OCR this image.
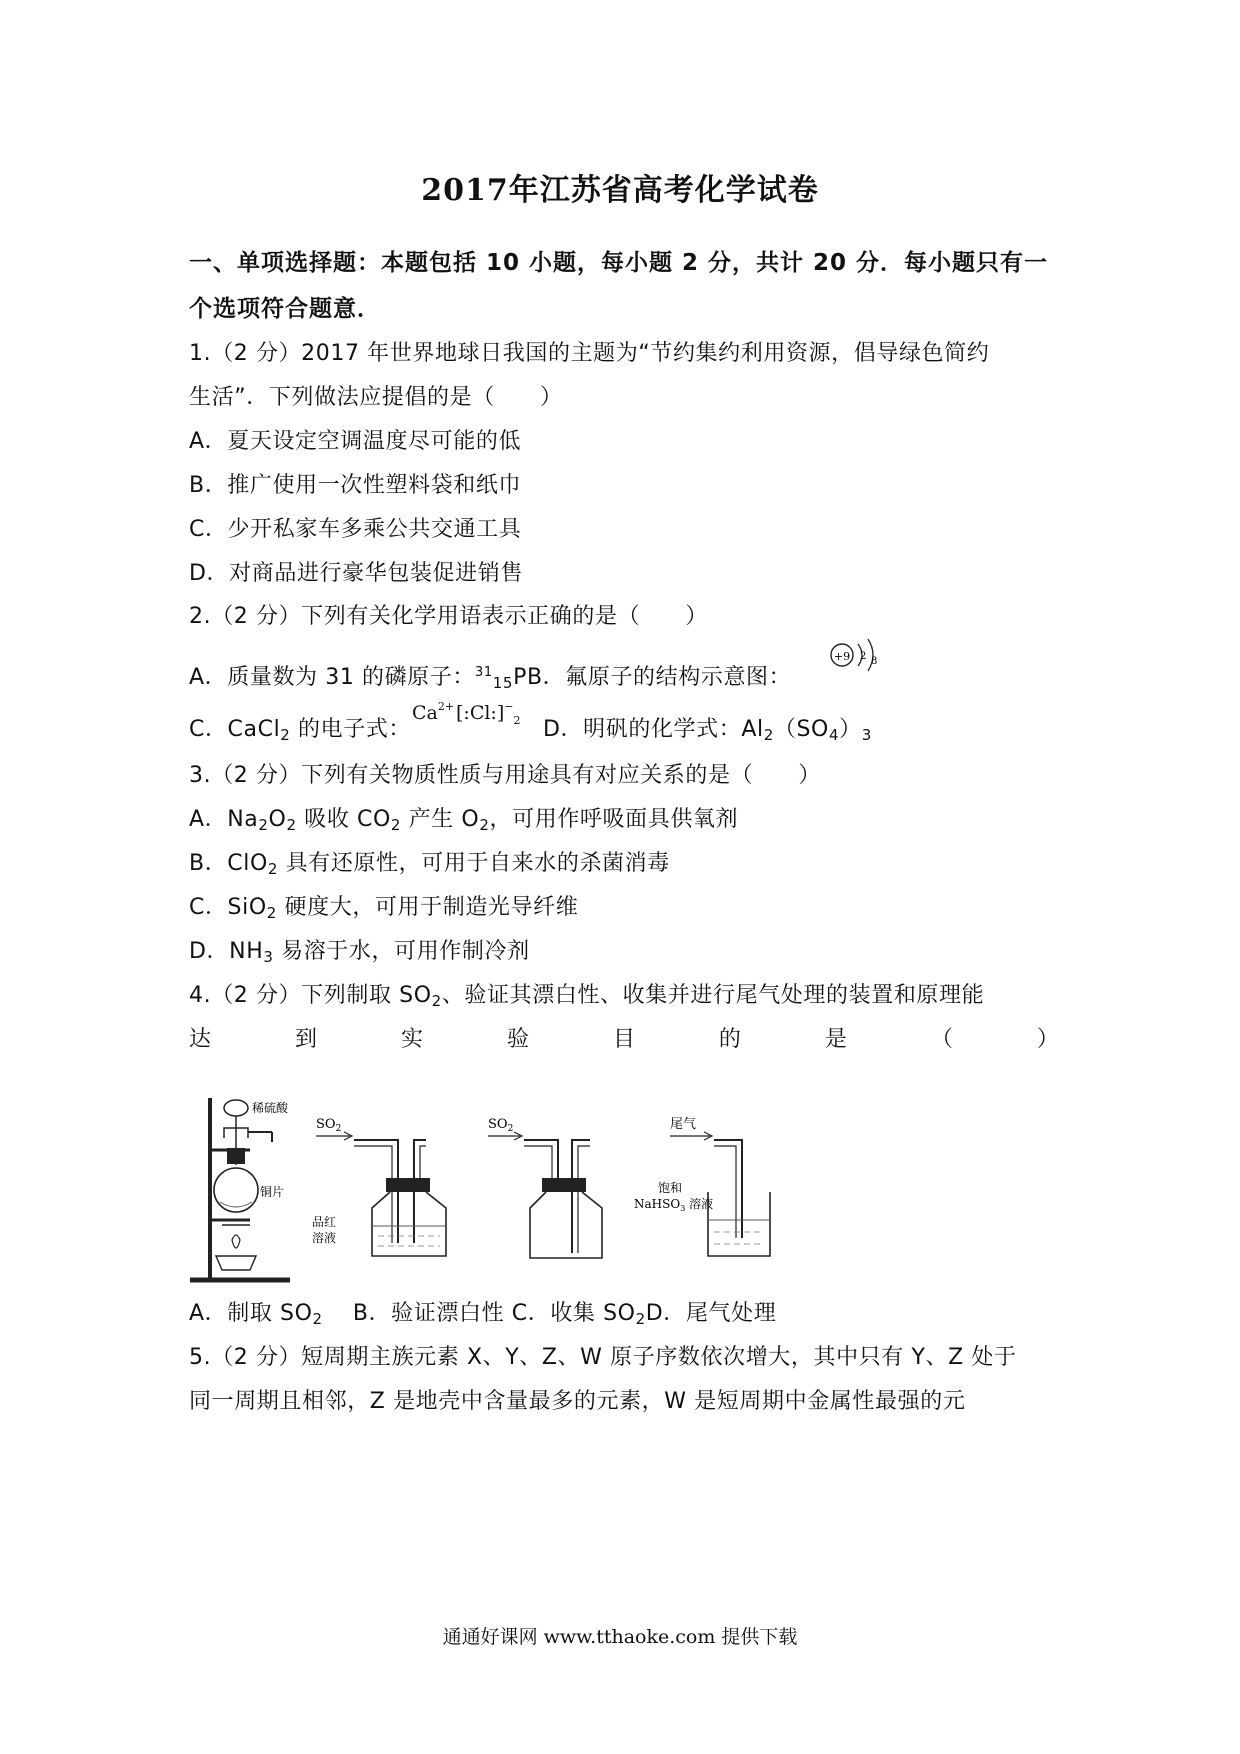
2017年江苏省高考化学试卷
一、单项选择题：本题包括 10 小题，每小题 2 分，共计 20 分．每小题只有一
个选项符合题意．
1.（2 分）2017 年世界地球日我国的主题为“节约集约利用资源，倡导绿色简约
生活”．下列做法应提倡的是（　　）
A．夏天设定空调温度尽可能的低
B．推广使用一次性塑料袋和纸巾
C．少开私家车多乘公共交通工具
D．对商品进行豪华包装促进销售
2.（2 分）下列有关化学用语表示正确的是（　　）
A．质量数为 31 的磷原子：$^{31}_{15}$PB．氟原子的结构示意图：
+9 2 8
C．CaCl$_2$ 的电子式：
$Ca^{2+}$  $[:Cl:]^-_2$ D．明矾的化学式：$Al_2(SO_4)_3$
3.（2 分）下列有关物质性质与用途具有对应关系的是（　　）
A．$Na_2O_2$ 吸收 $CO_2$ 产生 $O_2$，可用作呼吸面具供氧剂
B．ClO$_2$ 具有还原性，可用于自来水的杀菌消毒
C．SiO$_2$ 硬度大，可用于制造光导纤维
D．$NH_3$ 易溶于水，可用作制冷剂
4.（2 分）下列制取 $SO_2$、验证其漂白性、收集并进行尾气处理的装置和原理能
达	到	实	验	目	的	是	（	）
稀硫酸
铜片
$SO_2$
品红
溶液
$SO_2$	尾气
饱和
NaHSO$_3$ 溶液
A．制取 $SO_2$　 B．验证漂白性 C．收集 $SO_2D$．尾气处理
5.（2 分）短周期主族元素 X、Y、Z、W 原子序数依次增大，其中只有 Y、Z 处于
同一周期且相邻，Z 是地壳中含量最多的元素，W 是短周期中金属性最强的元
通通好课网 www.tthaoke.com 提供下载
